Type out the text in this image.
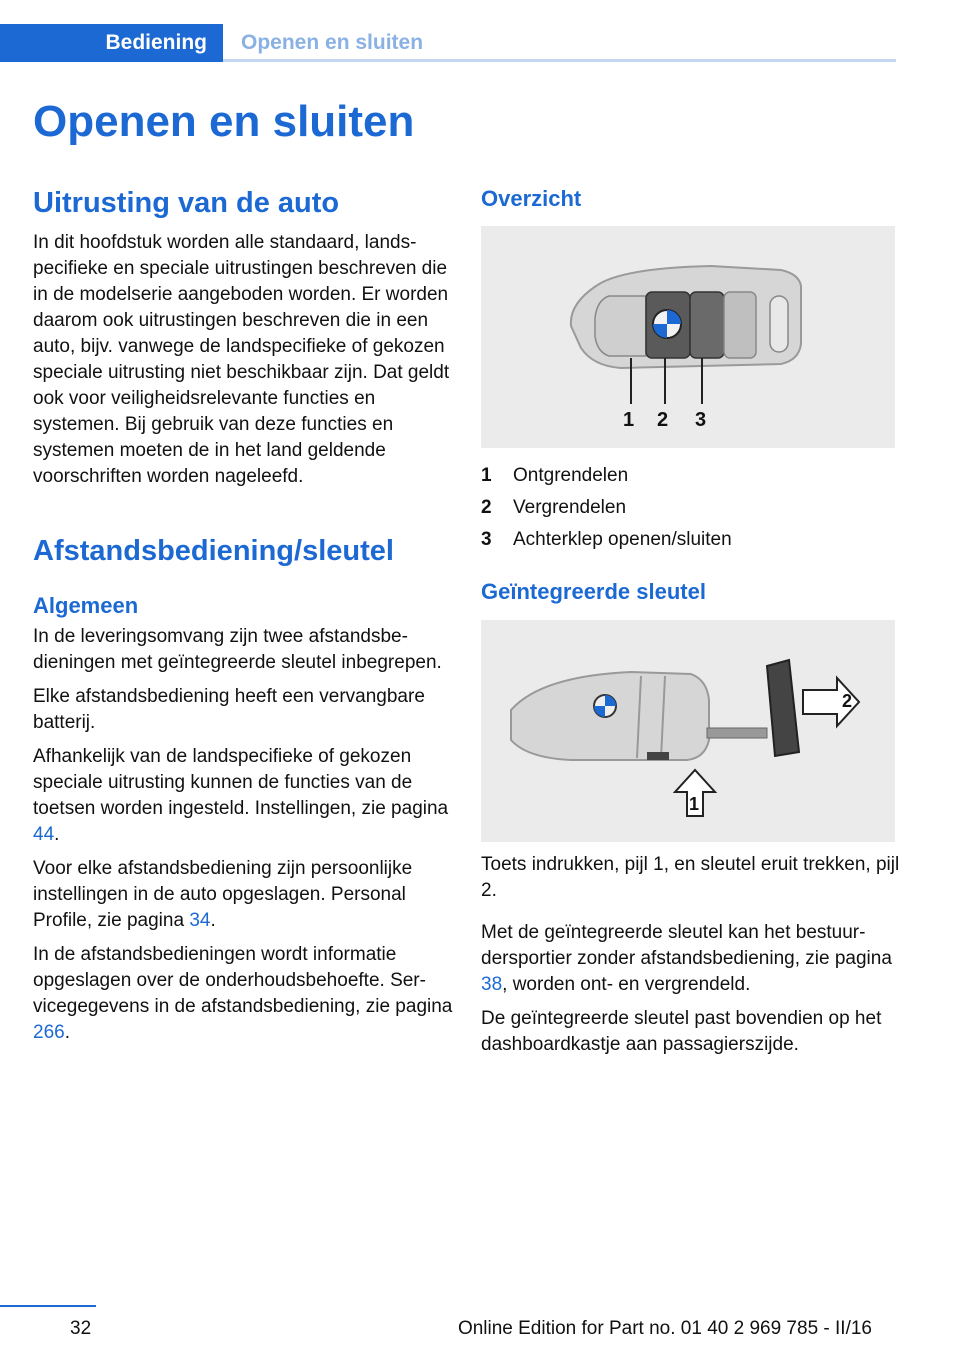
Bediening	Openen en sluiten
Openen en sluiten
Uitrusting van de auto

In dit hoofdstuk worden alle standaard, landspecifieke en speciale uitrustingen beschreven die in de modelserie aangeboden worden. Er worden daarom ook uitrustingen beschreven die in een auto, bijv. vanwege de landspecifieke of gekozen speciale uitrusting niet beschikbaar zijn. Dat geldt ook voor veiligheidsrelevante functies en systemen. Bij gebruik van deze functies en systemen moeten de in het land geldende voorschriften worden nageleefd.

Afstandsbediening/sleutel
Algemeen

In de leveringsomvang zijn twee afstandsbedieningen met geïntegreerde sleutel inbegrepen.

Elke afstandsbediening heeft een vervangbare batterij.

Afhankelijk van de landspecifieke of gekozen speciale uitrusting kunnen de functies van de toetsen worden ingesteld. Instellingen, zie pagina 44.

Voor elke afstandsbediening zijn persoonlijke instellingen in de auto opgeslagen. Personal Profile, zie pagina 34.

In de afstandsbedieningen wordt informatie opgeslagen over de onderhoudsbehoefte. Servicegegevens in de afstandsbediening, zie pagina 266.

Overzicht
1 2 3
1	Ontgrendelen
2	Vergrendelen
3	Achterklep openen/sluiten
Geïntegreerde sleutel
2
1

Toets indrukken, pijl 1, en sleutel eruit trekken, pijl 2.

Met de geïntegreerde sleutel kan het bestuurdersportier zonder afstandsbediening, zie pagina 38, worden ont- en vergrendeld.

De geïntegreerde sleutel past bovendien op het dashboardkastje aan passagierszijde.

32	Online Edition for Part no. 01 40 2 969 785 - II/16
